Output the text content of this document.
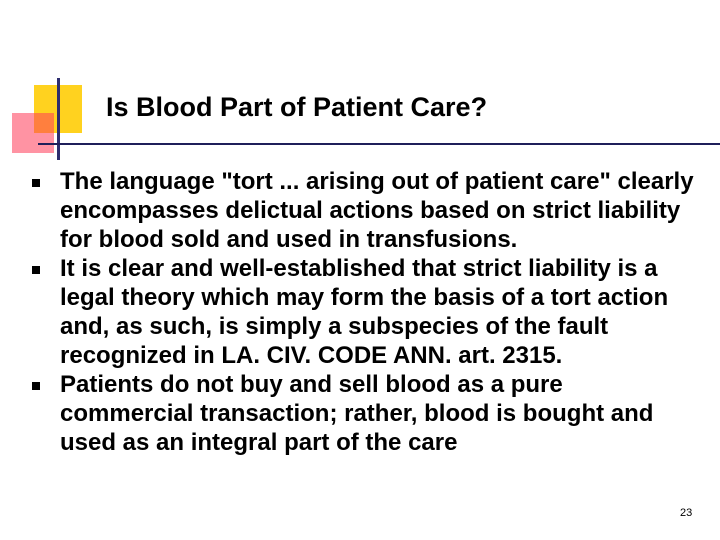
Is Blood Part of Patient Care?
The language "tort ... arising out of patient care" clearly encompasses delictual actions based on strict liability for blood sold and used in transfusions.
It is clear and well-established that strict liability is a legal theory which may form the basis of a tort action and, as such, is simply a subspecies of the fault recognized in LA. CIV. CODE ANN. art. 2315.
Patients do not buy and sell blood as a pure commercial transaction; rather, blood is bought and used as an integral part of the care
23
